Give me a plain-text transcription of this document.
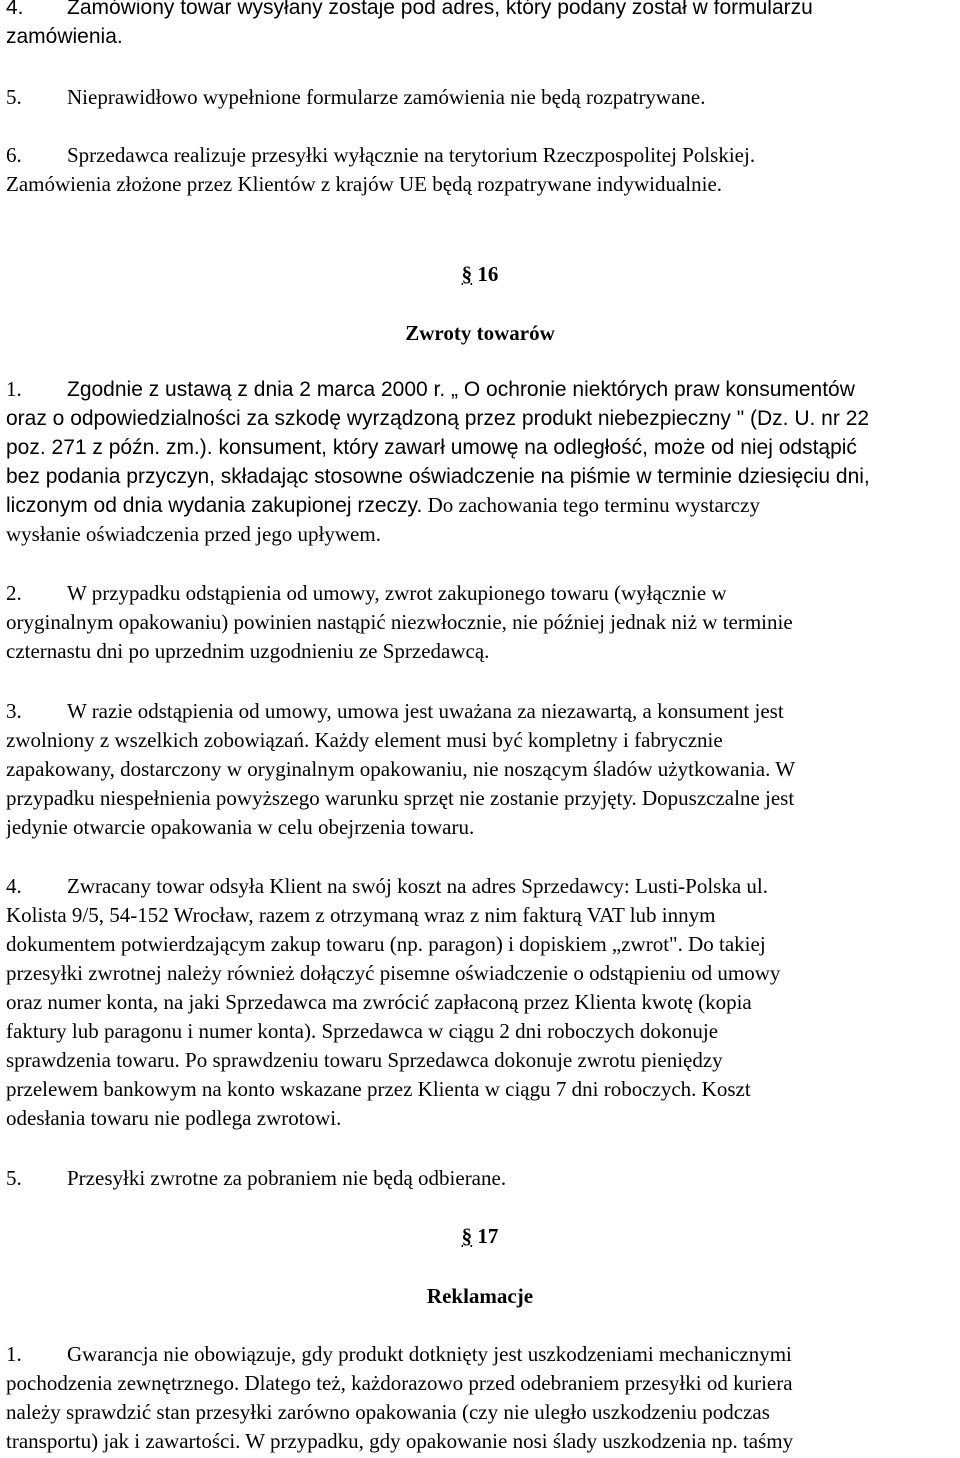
4. Zamówiony towar wysyłany zostaje pod adres, który podany został w formularzu
zamówienia.
5. Nieprawidłowo wypełnione formularze zamówienia nie będą rozpatrywane.
6. Sprzedawca realizuje przesyłki wyłącznie na terytorium Rzeczpospolitej Polskiej.
Zamówienia złożone przez Klientów z krajów UE będą rozpatrywane indywidualnie.
§ 16
Zwroty towarów
1. Zgodnie z ustawą z dnia 2 marca 2000 r. „ O ochronie niektórych praw konsumentów
oraz o odpowiedzialności za szkodę wyrządzoną przez produkt niebezpieczny " (Dz. U. nr 22
poz. 271 z późn. zm.). konsument, który zawarł umowę na odległość, może od niej odstąpić
bez podania przyczyn, składając stosowne oświadczenie na piśmie w terminie dziesięciu dni,
liczonym od dnia wydania zakupionej rzeczy. Do zachowania tego terminu wystarczy
wysłanie oświadczenia przed jego upływem.
2. W przypadku odstąpienia od umowy, zwrot zakupionego towaru (wyłącznie w
oryginalnym opakowaniu) powinien nastąpić niezwłocznie, nie później jednak niż w terminie
czternastu dni po uprzednim uzgodnieniu ze Sprzedawcą.
3. W razie odstąpienia od umowy, umowa jest uważana za niezawartą, a konsument jest
zwolniony z wszelkich zobowiązań. Każdy element musi być kompletny i fabrycznie
zapakowany, dostarczony w oryginalnym opakowaniu, nie noszącym śladów użytkowania. W
przypadku niespełnienia powyższego warunku sprzęt nie zostanie przyjęty. Dopuszczalne jest
jedynie otwarcie opakowania w celu obejrzenia towaru.
4. Zwracany towar odsyła Klient na swój koszt na adres Sprzedawcy: Lusti-Polska ul.
Kolista 9/5, 54-152 Wrocław, razem z otrzymaną wraz z nim fakturą VAT lub innym
dokumentem potwierdzającym zakup towaru (np. paragon) i dopiskiem „zwrot". Do takiej
przesyłki zwrotnej należy również dołączyć pisemne oświadczenie o odstąpieniu od umowy
oraz numer konta, na jaki Sprzedawca ma zwrócić zapłaconą przez Klienta kwotę (kopia
faktury lub paragonu i numer konta). Sprzedawca w ciągu 2 dni roboczych dokonuje
sprawdzenia towaru. Po sprawdzeniu towaru Sprzedawca dokonuje zwrotu pieniędzy
przelewem bankowym na konto wskazane przez Klienta w ciągu 7 dni roboczych. Koszt
odesłania towaru nie podlega zwrotowi.
5. Przesyłki zwrotne za pobraniem nie będą odbierane.
§ 17
Reklamacje
1. Gwarancja nie obowiązuje, gdy produkt dotknięty jest uszkodzeniami mechanicznymi
pochodzenia zewnętrznego. Dlatego też, każdorazowo przed odebraniem przesyłki od kuriera
należy sprawdzić stan przesyłki zarówno opakowania (czy nie uległo uszkodzeniu podczas
transportu) jak i zawartości. W przypadku, gdy opakowanie nosi ślady uszkodzenia np. taśmy
